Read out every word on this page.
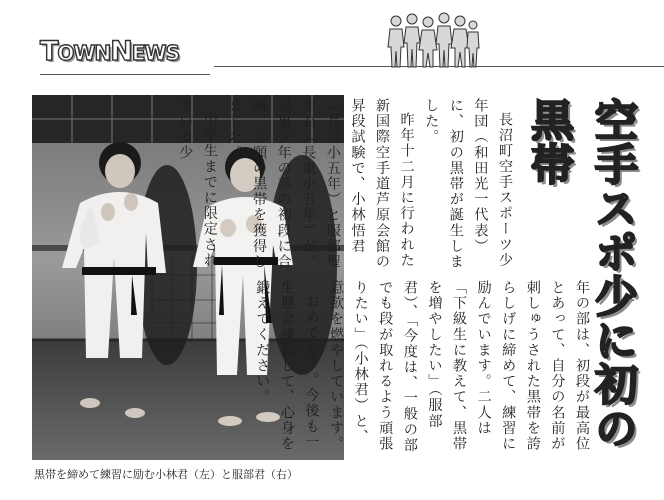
TOWNNEWS
黒帯を締めて練習に励む小林君（左）と服部君（右）
空手スポ少に初の黒帯

長沼町空手スポーツ少年団（和田光一代表）に、初の黒帯が誕生しました。

昨年十二月に行われた新国際空手道芦原会館の昇段試験で、小林悟君（長沼小五年）と服部聖士君（長東小五年）が、見事少年の部の初段に合格。念願の黒帯を獲得しました。

中学生までに限定されている少

年の部は、初段が最高位とあって、自分の名前が刺しゅうされた黒帯を誇らしげに締めて、練習に励んでいます。二人は「下級生に教えて、黒帯を増やしたい」（服部君）、「今度は、一般の部でも段が取れるよう頑張りたい」（小林君）と、意欲を燃やしています。

おめでとう。今後も一生懸命練習して、心身を鍛えてください。
